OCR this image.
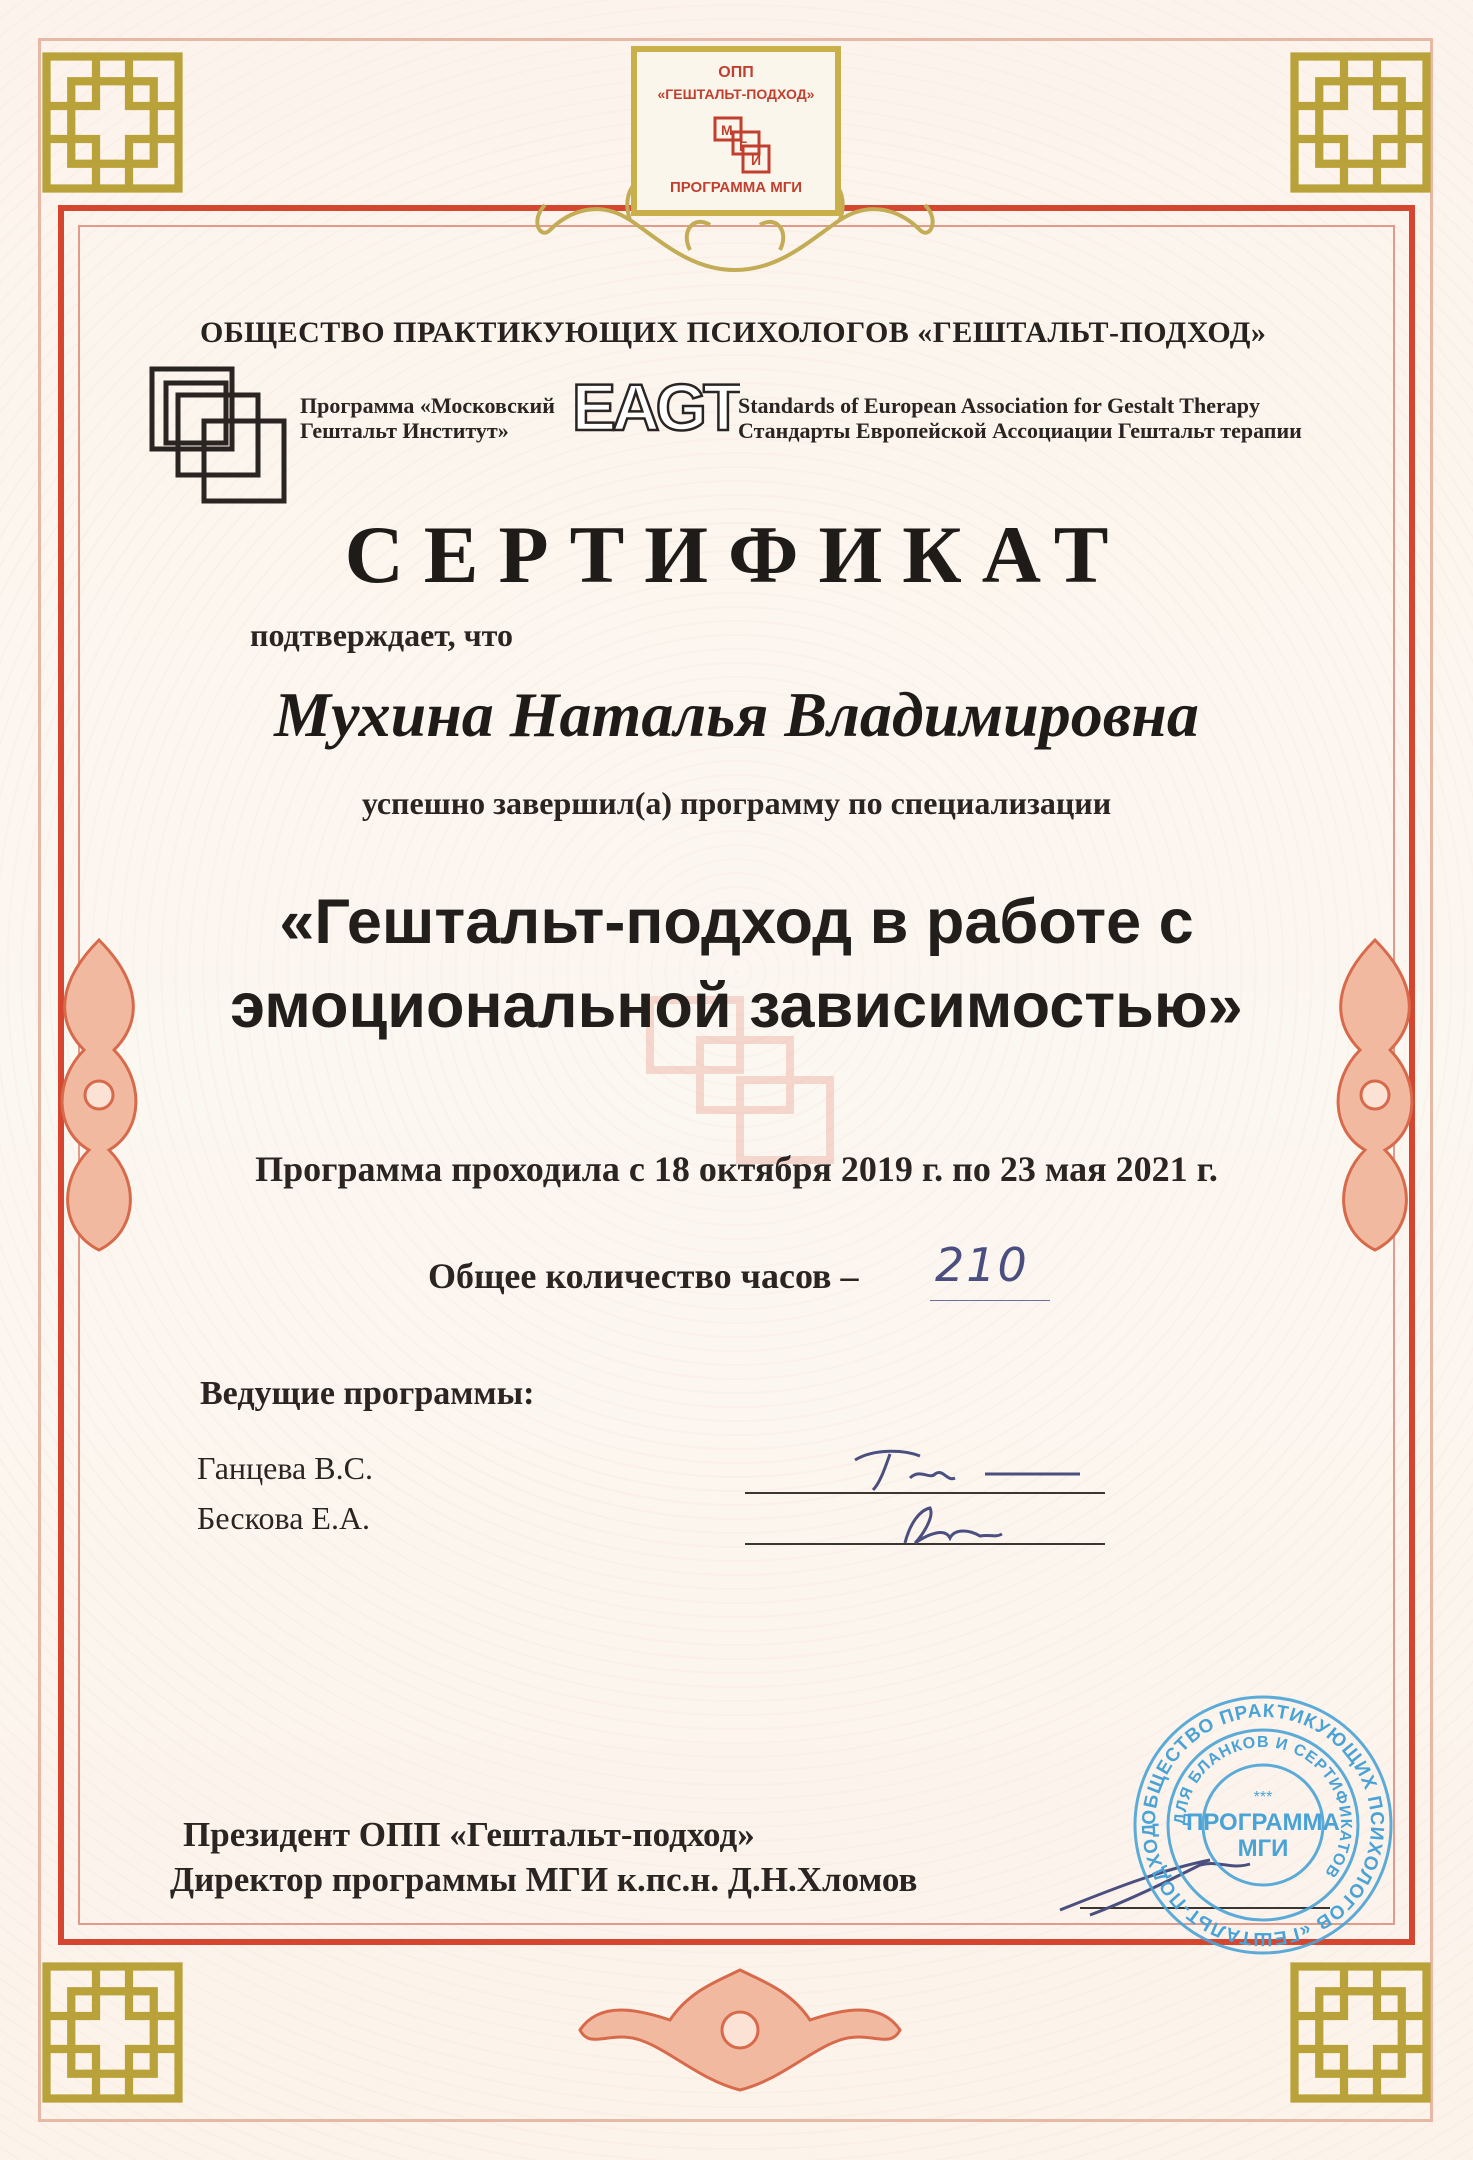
ОПП
«ГЕШТАЛЬТ-ПОДХОД»
М
Г
И
ПРОГРАММА МГИ
ОБЩЕСТВО ПРАКТИКУЮЩИХ ПСИХОЛОГОВ «ГЕШТАЛЬТ-ПОДХОД»
Программа «Московский
Гештальт Институт» EAGT
Standards of European Association for Gestalt Therapy
Стандарты Европейской Ассоциации Гештальт терапии
СЕРТИФИКАТ
подтверждает, что
Мухина Наталья Владимировна
успешно завершил(а) программу по специализации
«Гештальт-подход в работе с
эмоциональной зависимостью»
Программа проходила с 18 октября 2019 г. по 23 мая 2021 г.
Общее количество часов – 210
Ведущие программы:
Ганцева В.С.
Бескова Е.А.
Президент ОПП «Гештальт-подход»
Директор программы МГИ к.пс.н. Д.Н.Хломов
ОБЩЕСТВО ПРАКТИКУЮЩИХ ПСИХОЛОГОВ «ГЕШТАЛЬТ-ПОДХОД
ДЛЯ БЛАНКОВ И СЕРТИФИКАТОВ
***
ПРОГРАММА
МГИ
